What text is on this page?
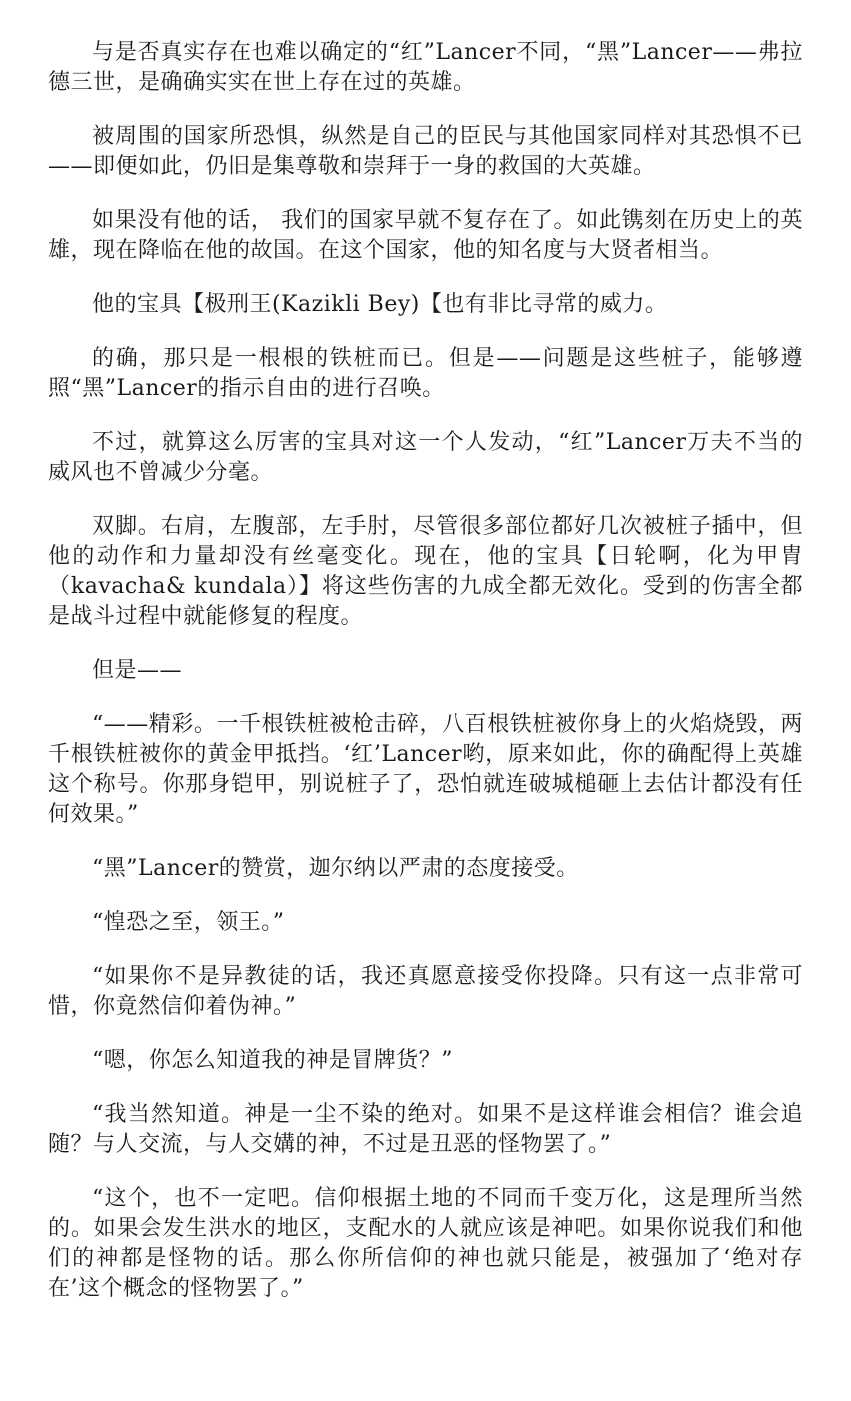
与是否真实存在也难以确定的“红”Lancer不同，“黑”Lancer——弗拉德三世，是确确实实在世上存在过的英雄。

被周围的国家所恐惧，纵然是自己的臣民与其他国家同样对其恐惧不已——即便如此，仍旧是集尊敬和崇拜于一身的救国的大英雄。

如果没有他的话， 我们的国家早就不复存在了。如此镌刻在历史上的英雄，现在降临在他的故国。在这个国家，他的知名度与大贤者相当。

他的宝具【极刑王(Kazikli Bey)【也有非比寻常的威力。

的确，那只是一根根的铁桩而已。但是——问题是这些桩子，能够遵照“黑”Lancer的指示自由的进行召唤。

不过，就算这么厉害的宝具对这一个人发动，“红”Lancer万夫不当的威风也不曾减少分毫。

双脚。右肩，左腹部，左手肘，尽管很多部位都好几次被桩子插中，但他的动作和力量却没有丝毫变化。现在，他的宝具【日轮啊，化为甲胄（kavacha& kundala）】将这些伤害的九成全都无效化。受到的伤害全都是战斗过程中就能修复的程度。

但是——

“——精彩。一千根铁桩被枪击碎，八百根铁桩被你身上的火焰烧毁，两千根铁桩被你的黄金甲抵挡。‘红’Lancer哟，原来如此，你的确配得上英雄这个称号。你那身铠甲，别说桩子了，恐怕就连破城槌砸上去估计都没有任何效果。”

“黑”Lancer的赞赏，迦尔纳以严肃的态度接受。

“惶恐之至，领王。”

“如果你不是异教徒的话，我还真愿意接受你投降。只有这一点非常可惜，你竟然信仰着伪神。”

“嗯，你怎么知道我的神是冒牌货？”

“我当然知道。神是一尘不染的绝对。如果不是这样谁会相信？谁会追随？与人交流，与人交媾的神，不过是丑恶的怪物罢了。”

“这个，也不一定吧。信仰根据土地的不同而千变万化，这是理所当然的。如果会发生洪水的地区，支配水的人就应该是神吧。如果你说我们和他们的神都是怪物的话。那么你所信仰的神也就只能是，被强加了‘绝对存在’这个概念的怪物罢了。”
